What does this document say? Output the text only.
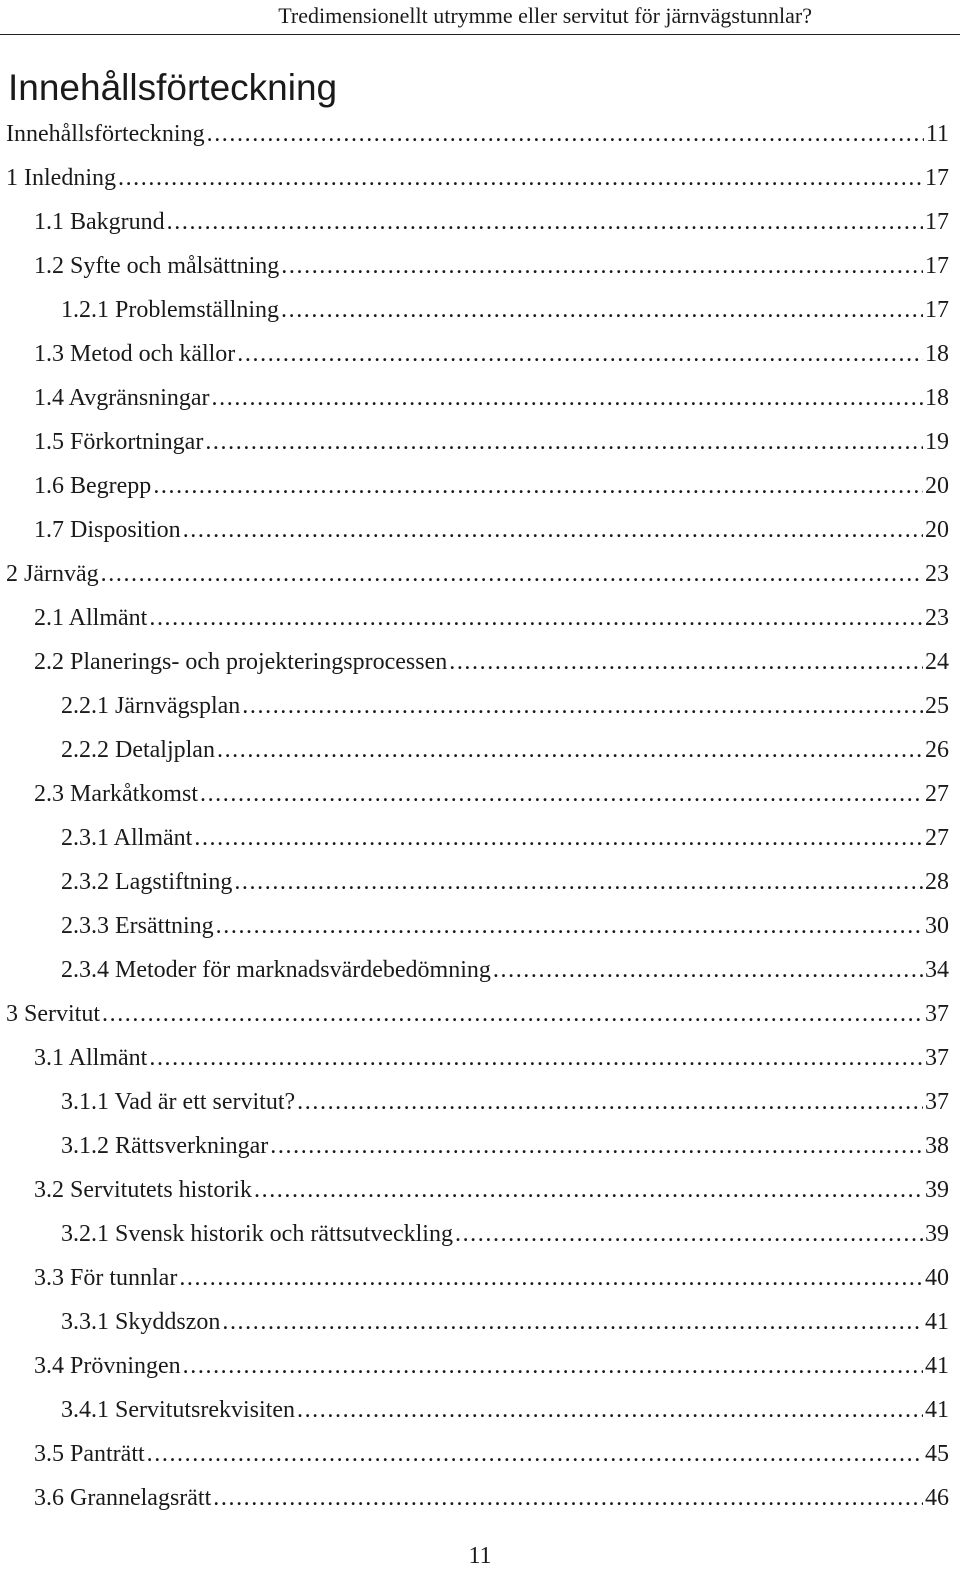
Tredimensionellt utrymme eller servitut för järnvägstunnlar?
Innehållsförteckning
Innehållsförteckning . . .	11
1 Inledning . . .	17
1.1 Bakgrund . . .	17
1.2 Syfte och målsättning . . .	17
1.2.1 Problemställning . . .	17
1.3 Metod och källor . . .	18
1.4 Avgränsningar . . .	18
1.5 Förkortningar . . .	19
1.6 Begrepp . . .	20
1.7 Disposition . . .	20
2 Järnväg . . .	23
2.1 Allmänt . . .	23
2.2 Planerings- och projekteringsprocessen . . .	24
2.2.1 Järnvägsplan . . .	25
2.2.2 Detaljplan . . .	26
2.3 Markåtkomst . . .	27
2.3.1 Allmänt . . .	27
2.3.2 Lagstiftning . . .	28
2.3.3 Ersättning . . .	30
2.3.4 Metoder för marknadsvärdebedömning . . .	34
3 Servitut . . .	37
3.1 Allmänt . . .	37
3.1.1 Vad är ett servitut? . . .	37
3.1.2 Rättsverkningar . . .	38
3.2 Servitutets historik . . .	39
3.2.1 Svensk historik och rättsutveckling . . .	39
3.3 För tunnlar . . .	40
3.3.1 Skyddszon . . .	41
3.4 Prövningen . . .	41
3.4.1 Servitutsrekvisiten . . .	41
3.5 Panträtt . . .	45
3.6 Grannelagsrätt . . .	46
11
